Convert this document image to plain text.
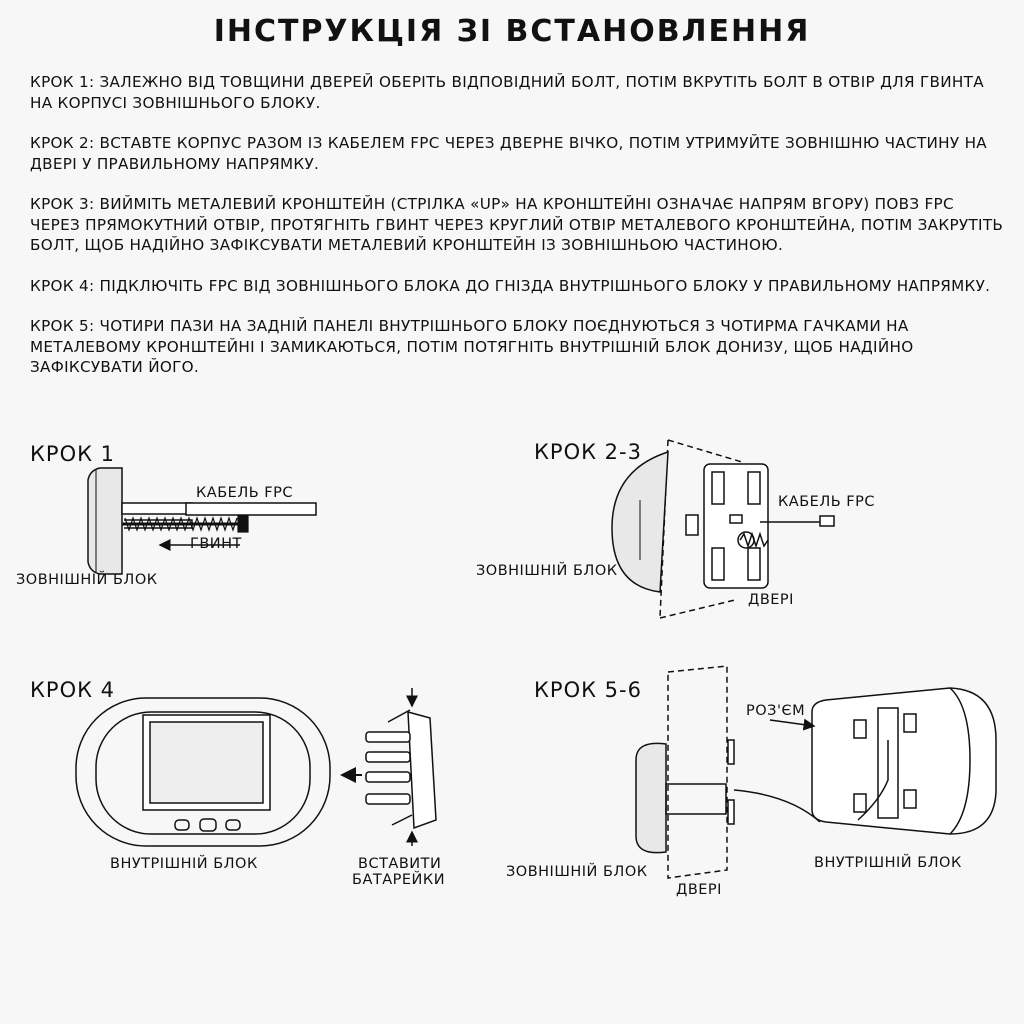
ІНСТРУКЦІЯ ЗІ ВСТАНОВЛЕННЯ

КРОК 1: ЗАЛЕЖНО ВІД ТОВЩИНИ ДВЕРЕЙ ОБЕРІТЬ ВІДПОВІДНИЙ БОЛТ, ПОТІМ ВКРУТІТЬ БОЛТ В ОТВІР ДЛЯ ГВИНТА НА КОРПУСІ ЗОВНІШНЬОГО БЛОКУ.

КРОК 2: ВСТАВТЕ КОРПУС РАЗОМ ІЗ КАБЕЛЕМ FPC ЧЕРЕЗ ДВЕРНЕ ВІЧКО, ПОТІМ УТРИМУЙТЕ ЗОВНІШНЮ ЧАСТИНУ НА ДВЕРІ У ПРАВИЛЬНОМУ НАПРЯМКУ.

КРОК 3: ВИЙМІТЬ МЕТАЛЕВИЙ КРОНШТЕЙН (СТРІЛКА «UP» НА КРОНШТЕЙНІ ОЗНАЧАЄ НАПРЯМ ВГОРУ) ПОВЗ FPC ЧЕРЕЗ ПРЯМОКУТНИЙ ОТВІР, ПРОТЯГНІТЬ ГВИНТ ЧЕРЕЗ КРУГЛИЙ ОТВІР МЕТАЛЕВОГО КРОНШТЕЙНА, ПОТІМ ЗАКРУТІТЬ БОЛТ, ЩОБ НАДІЙНО ЗАФІКСУВАТИ МЕТАЛЕВИЙ КРОНШТЕЙН ІЗ ЗОВНІШНЬОЮ ЧАСТИНОЮ.

КРОК 4: ПІДКЛЮЧІТЬ FPC ВІД ЗОВНІШНЬОГО БЛОКА ДО ГНІЗДА ВНУТРІШНЬОГО БЛОКУ У ПРАВИЛЬНОМУ НАПРЯМКУ.

КРОК 5: ЧОТИРИ ПАЗИ НА ЗАДНІЙ ПАНЕЛІ ВНУТРІШНЬОГО БЛОКУ ПОЄДНУЮТЬСЯ З ЧОТИРМА ГАЧКАМИ НА МЕТАЛЕВОМУ КРОНШТЕЙНІ І ЗАМИКАЮТЬСЯ, ПОТІМ ПОТЯГНІТЬ ВНУТРІШНІЙ БЛОК ДОНИЗУ, ЩОБ НАДІЙНО ЗАФІКСУВАТИ ЙОГО.

КРОК 1
КАБЕЛЬ FPC
ГВИНТ
ЗОВНІШНІЙ БЛОК
КРОК 2-3
КАБЕЛЬ FPC
ЗОВНІШНІЙ БЛОК
ДВЕРІ
КРОК 4
ВНУТРІШНІЙ БЛОК	ВСТАВИТИ
БАТАРЕЙКИ
КРОК 5-6
РОЗ'ЄМ
ЗОВНІШНІЙ БЛОК
ДВЕРІ
ВНУТРІШНІЙ БЛОК
